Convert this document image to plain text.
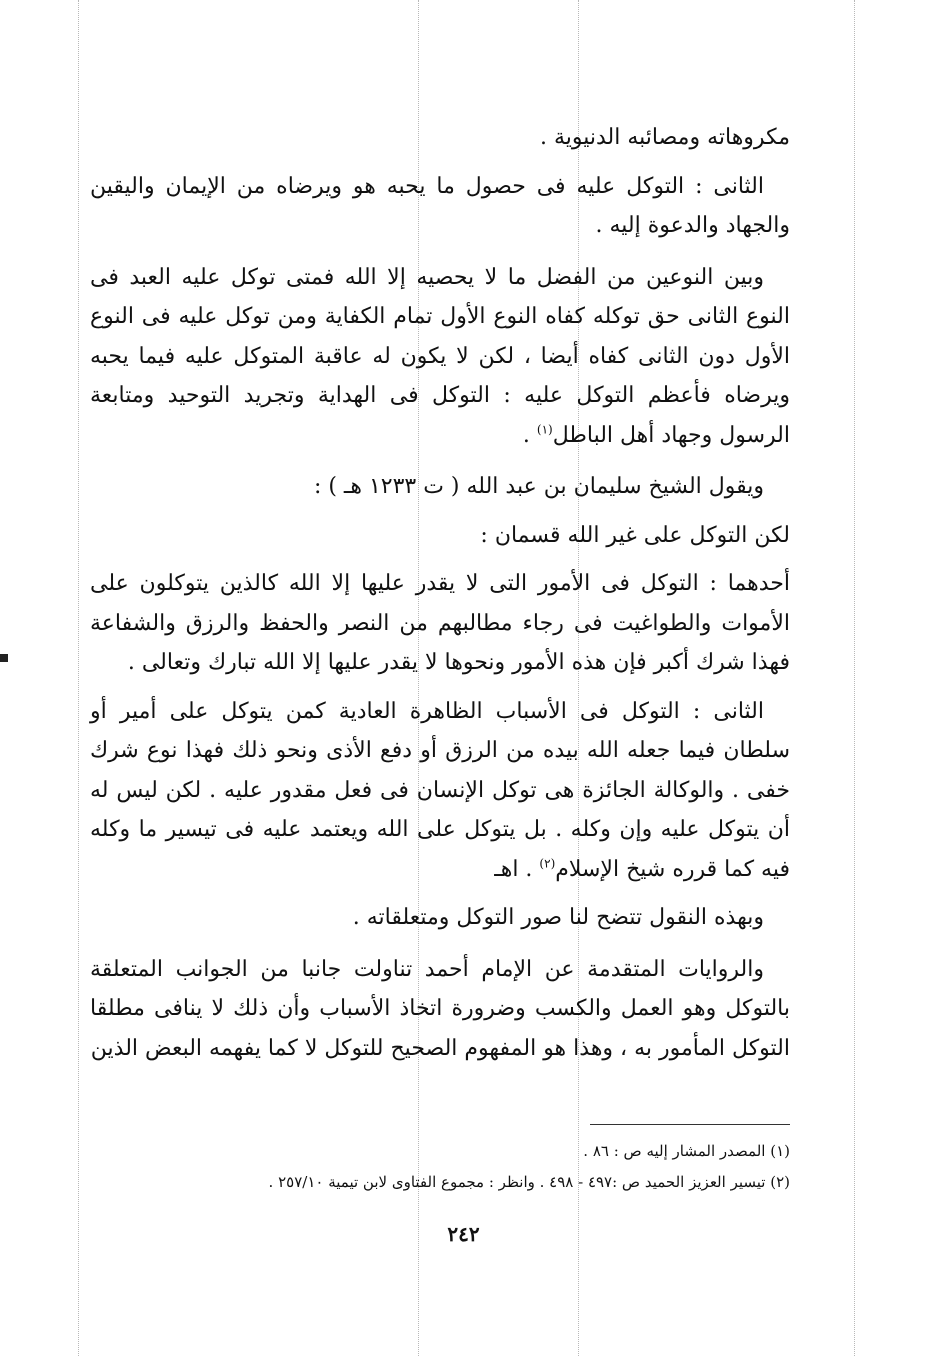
مكروهاته ومصائبه الدنيوية .

الثانى : التوكل عليه فى حصول ما يحبه هو ويرضاه من الإيمان واليقين والجهاد والدعوة إليه .

وبين النوعين من الفضل ما لا يحصيه إلا الله فمتى توكل عليه العبد فى النوع الثانى حق توكله كفاه النوع الأول تمام الكفاية ومن توكل عليه فى النوع الأول دون الثانى كفاه أيضا ، لكن لا يكون له عاقبة المتوكل عليه فيما يحبه ويرضاه فأعظم التوكل عليه : التوكل فى الهداية وتجريد التوحيد ومتابعة الرسول وجهاد أهل الباطل$^{(١)}$ .

ويقول الشيخ سليمان بن عبد الله ( ت ١٢٣٣ هـ ) :

لكن التوكل على غير الله قسمان :

أحدهما : التوكل فى الأمور التى لا يقدر عليها إلا الله كالذين يتوكلون على الأموات والطواغيت فى رجاء مطالبهم من النصر والحفظ والرزق والشفاعة فهذا شرك أكبر فإن هذه الأمور ونحوها لا يقدر عليها إلا الله تبارك وتعالى .

الثانى : التوكل فى الأسباب الظاهرة العادية كمن يتوكل على أمير أو سلطان فيما جعله الله بيده من الرزق أو دفع الأذى ونحو ذلك فهذا نوع شرك خفى . والوكالة الجائزة هى توكل الإنسان فى فعل مقدور عليه . لكن ليس له أن يتوكل عليه وإن وكله . بل يتوكل على الله ويعتمد عليه فى تيسير ما وكله فيه كما قرره شيخ الإسلام$^{(٢)}$ . اهـ

وبهذه النقول تتضح لنا صور التوكل ومتعلقاته .

والروايات المتقدمة عن الإمام أحمد تناولت جانبا من الجوانب المتعلقة بالتوكل وهو العمل والكسب وضرورة اتخاذ الأسباب وأن ذلك لا ينافى مطلقا التوكل المأمور به ، وهذا هو المفهوم الصحيح للتوكل لا كما يفهمه البعض الذين

(١) المصدر المشار إليه ص : ٨٦ .
(٢) تيسير العزيز الحميد ص :٤٩٧ - ٤٩٨ . وانظر : مجموع الفتاوى لابن تيمية ٢٥٧/١٠ .
٢٤٢
